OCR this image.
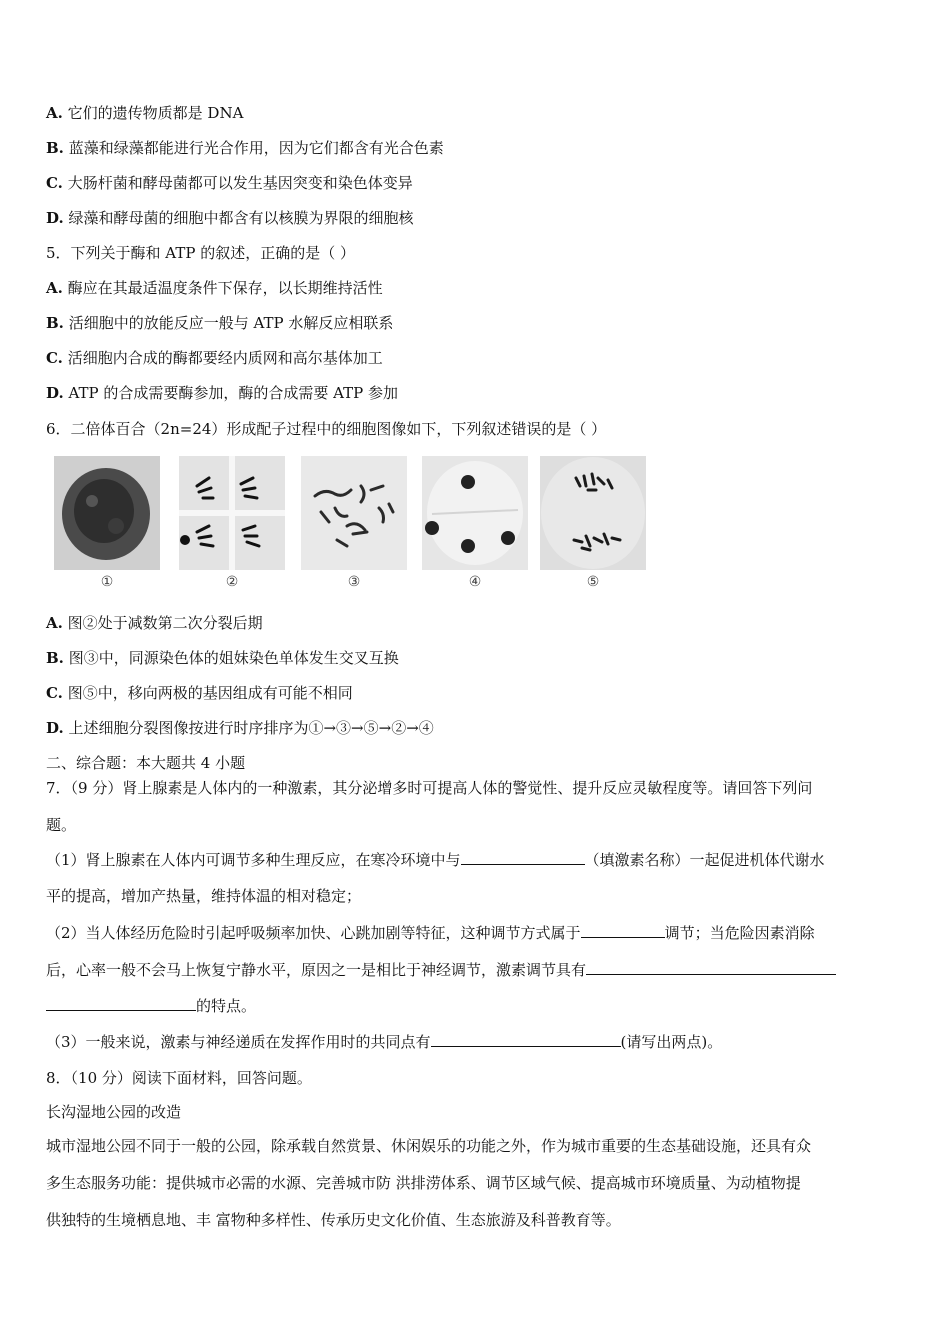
A. 它们的遗传物质都是 DNA
B. 蓝藻和绿藻都能进行光合作用，因为它们都含有光合色素
C. 大肠杆菌和酵母菌都可以发生基因突变和染色体变异
D. 绿藻和酵母菌的细胞中都含有以核膜为界限的细胞核
5．下列关于酶和 ATP 的叙述，正确的是（ ）
A. 酶应在其最适温度条件下保存，以长期维持活性
B. 活细胞中的放能反应一般与 ATP 水解反应相联系
C. 活细胞内合成的酶都要经内质网和高尔基体加工
D. ATP 的合成需要酶参加，酶的合成需要 ATP 参加
6．二倍体百合（2n=24）形成配子过程中的细胞图像如下，下列叙述错误的是（ ）
①	②	③	④	⑤
A. 图②处于减数第二次分裂后期
B. 图③中，同源染色体的姐妹染色单体发生交叉互换
C. 图⑤中，移向两极的基因组成有可能不相同
D. 上述细胞分裂图像按进行时序排序为①→③→⑤→②→④
二、综合题：本大题共 4 小题
7．（9 分）肾上腺素是人体内的一种激素，其分泌增多时可提高人体的警觉性、提升反应灵敏程度等。请回答下列问
题。
（1）肾上腺素在人体内可调节多种生理反应，在寒冷环境中与	（填激素名称）一起促进机体代谢水
平的提高，增加产热量，维持体温的相对稳定；
（2）当人体经历危险时引起呼吸频率加快、心跳加剧等特征，这种调节方式属于	调节；当危险因素消除
后，心率一般不会马上恢复宁静水平，原因之一是相比于神经调节，激素调节具有
的特点。
（3）一般来说，激素与神经递质在发挥作用时的共同点有	(请写出两点)。
8．（10 分）阅读下面材料，回答问题。
长沟湿地公园的改造
城市湿地公园不同于一般的公园，除承载自然赏景、休闲娱乐的功能之外，作为城市重要的生态基础设施，还具有众
多生态服务功能：提供城市必需的水源、完善城市防 洪排涝体系、调节区域气候、提高城市环境质量、为动植物提
供独特的生境栖息地、丰 富物种多样性、传承历史文化价值、生态旅游及科普教育等。
